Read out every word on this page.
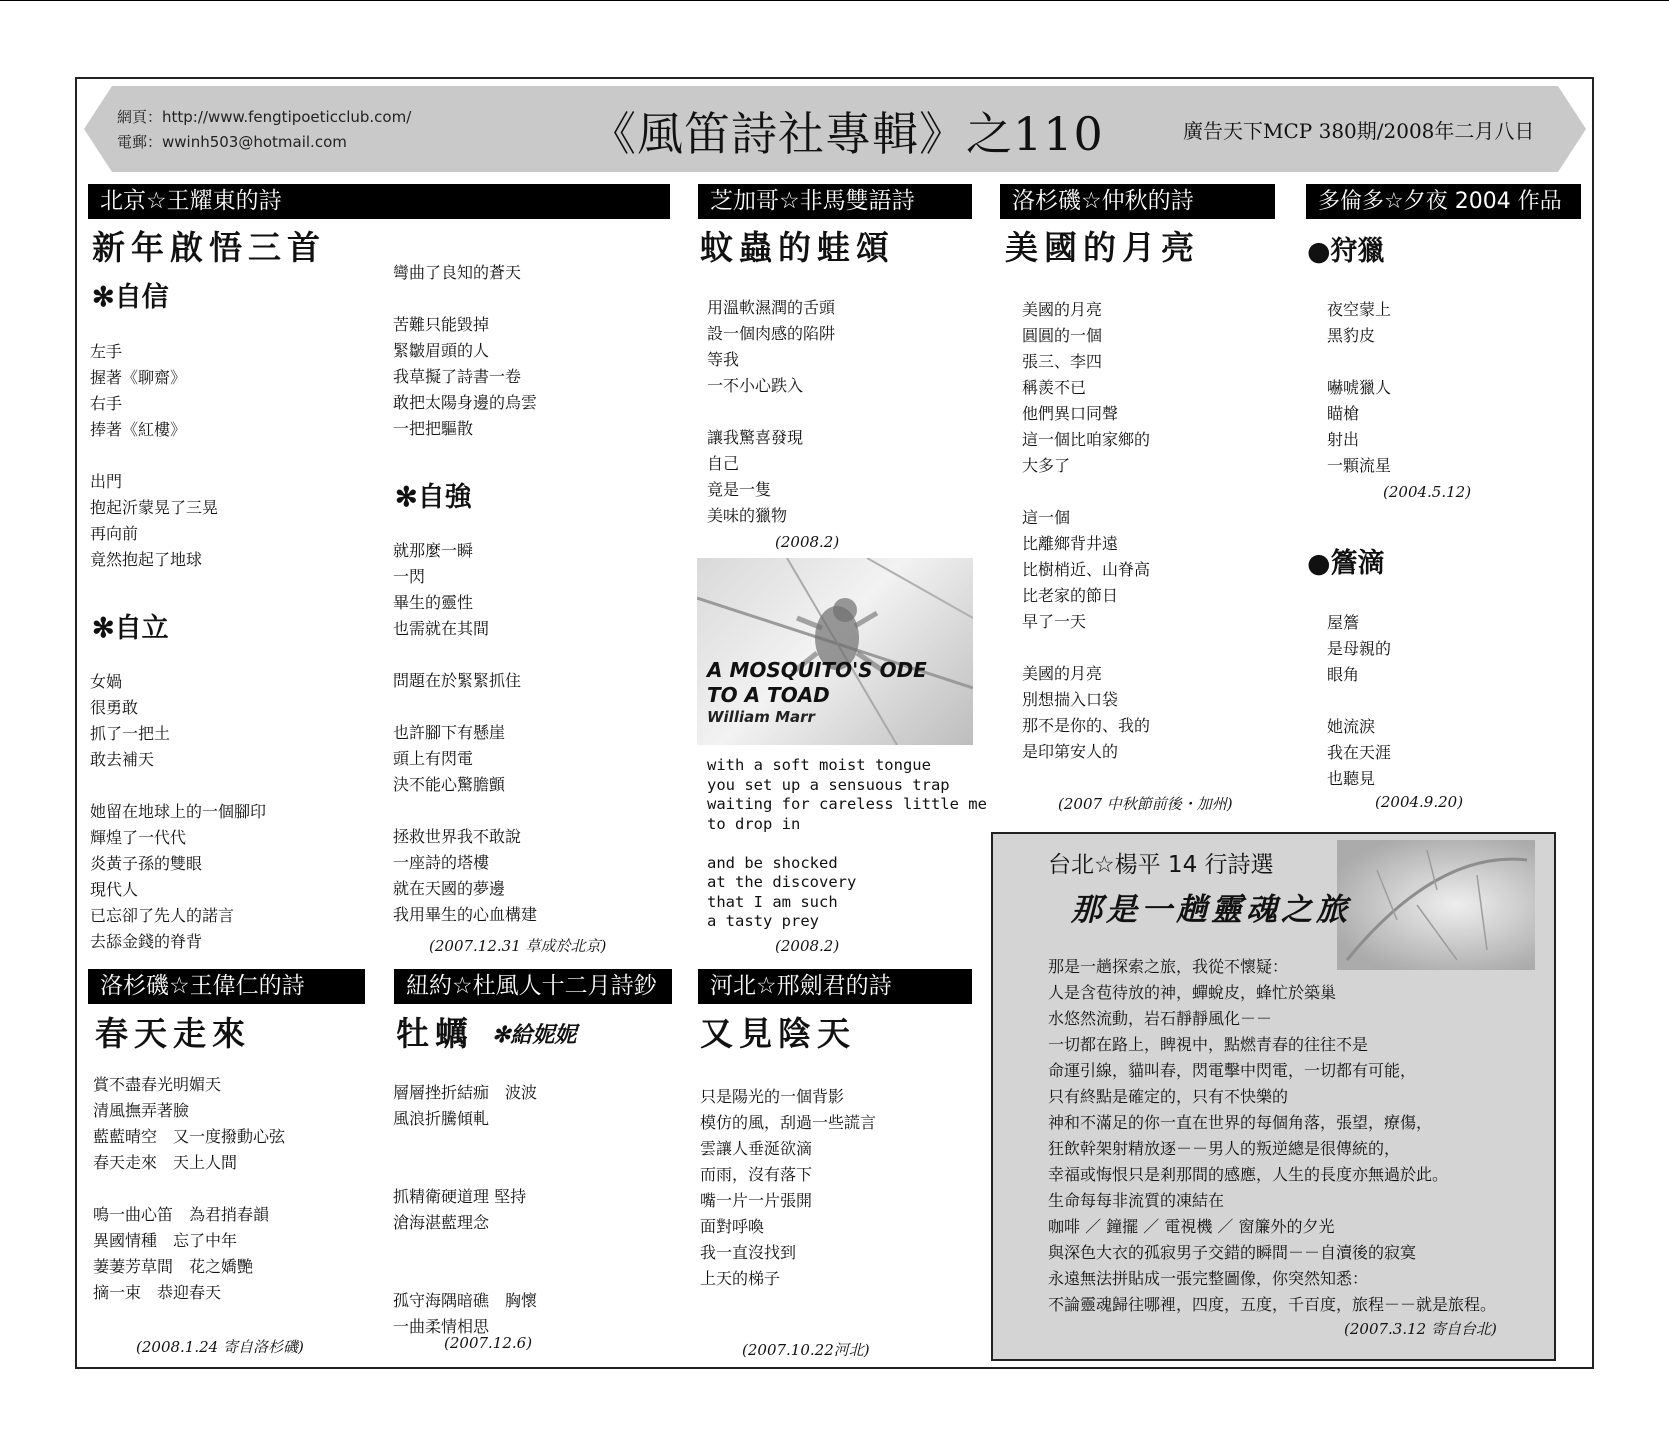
網頁：http://www.fengtipoeticclub.com/
電郵：wwinh503@hotmail.com	《風笛詩社專輯》之110	廣告天下MCP 380期/2008年二月八日
北京☆王耀東的詩
新年啟悟三首
✻自信
左手
握著《聊齋》
右手
捧著《紅樓》

出門
抱起沂蒙晃了三晃
再向前
竟然抱起了地球
✻自立
女媧
很勇敢
抓了一把土
敢去補天

她留在地球上的一個腳印
輝煌了一代代
炎黃子孫的雙眼
現代人
已忘卻了先人的諾言
去舔金錢的脊背
彎曲了良知的蒼天

苦難只能毀掉
緊皺眉頭的人
我草擬了詩書一卷
敢把太陽身邊的烏雲
一把把驅散
✻自強
就那麼一瞬
一閃
畢生的靈性
也需就在其間

問題在於緊緊抓住

也許腳下有懸崖
頭上有閃電
決不能心驚膽顫

拯救世界我不敢說
一座詩的塔樓
就在天國的夢邊
我用畢生的心血構建
(2007.12.31 草成於北京)
芝加哥☆非馬雙語詩
蚊蟲的蛙頌
用溫軟濕潤的舌頭
設一個肉感的陷阱
等我
一不小心跌入

讓我驚喜發現
自己
竟是一隻
美味的獵物
(2008.2)
A MOSQUITO'S ODE
TO A TOAD
William Marr
with a soft moist tongue
you set up a sensuous trap
waiting for careless little me
to drop in

and be shocked
at the discovery
that I am such
a tasty prey
(2008.2)
洛杉磯☆仲秋的詩
美國的月亮
美國的月亮
圓圓的一個
張三、李四
稱羨不已
他們異口同聲
這一個比咱家鄉的
大多了

這一個
比離鄉背井遠
比樹梢近、山脊高
比老家的節日
早了一天

美國的月亮
別想揣入口袋
那不是你的、我的
是印第安人的
(2007 中秋節前後・加州)
多倫多☆夕夜 2004 作品
●狩獵
夜空蒙上
黑豹皮

嚇唬獵人
瞄槍
射出
一顆流星
(2004.5.12)
●簷滴
屋簷
是母親的
眼角

她流淚
我在天涯
也聽見
(2004.9.20)
洛杉磯☆王偉仁的詩
春天走來
賞不盡春光明媚天
清風撫弄著臉
藍藍晴空　又一度撥動心弦
春天走來　天上人間

鳴一曲心笛　為君捎春韻
異國情種　忘了中年
萋萋芳草間　花之嬌艷
摘一束　恭迎春天
(2008.1.24 寄自洛杉磯)
紐約☆杜風人十二月詩鈔
牡蠣 ✻給妮妮
層層挫折結痂　波波
風浪折騰傾軋

抓精衛硬道理 堅持
滄海湛藍理念

孤守海隅暗礁　胸懷
一曲柔情相思
(2007.12.6)
河北☆邢劍君的詩
又見陰天
只是陽光的一個背影
模仿的風，刮過一些謊言
雲讓人垂涎欲滴
而雨，沒有落下
嘴一片一片張開
面對呼喚
我一直沒找到
上天的梯子
(2007.10.22河北)
台北☆楊平 14 行詩選
那是一趟靈魂之旅
那是一趟探索之旅，我從不懷疑：
人是含苞待放的神，蟬蛻皮，蜂忙於築巢
水悠然流動，岩石靜靜風化－－
一切都在路上，睥視中，點燃青春的往往不是
命運引線，貓叫春，閃電擊中閃電，一切都有可能，
只有終點是確定的，只有不快樂的
神和不滿足的你一直在世界的每個角落，張望，療傷，
狂飲幹架射精放逐－－男人的叛逆總是很傳統的，
幸福或悔恨只是剎那間的感應，人生的長度亦無過於此。
生命每每非流質的凍結在
咖啡 ／ 鐘擺 ／ 電視機 ／ 窗簾外的夕光
與深色大衣的孤寂男子交錯的瞬間－－自瀆後的寂寞
永遠無法拼貼成一張完整圖像，你突然知悉：
不論靈魂歸往哪裡，四度，五度，千百度，旅程－－就是旅程。
(2007.3.12 寄自台北)
